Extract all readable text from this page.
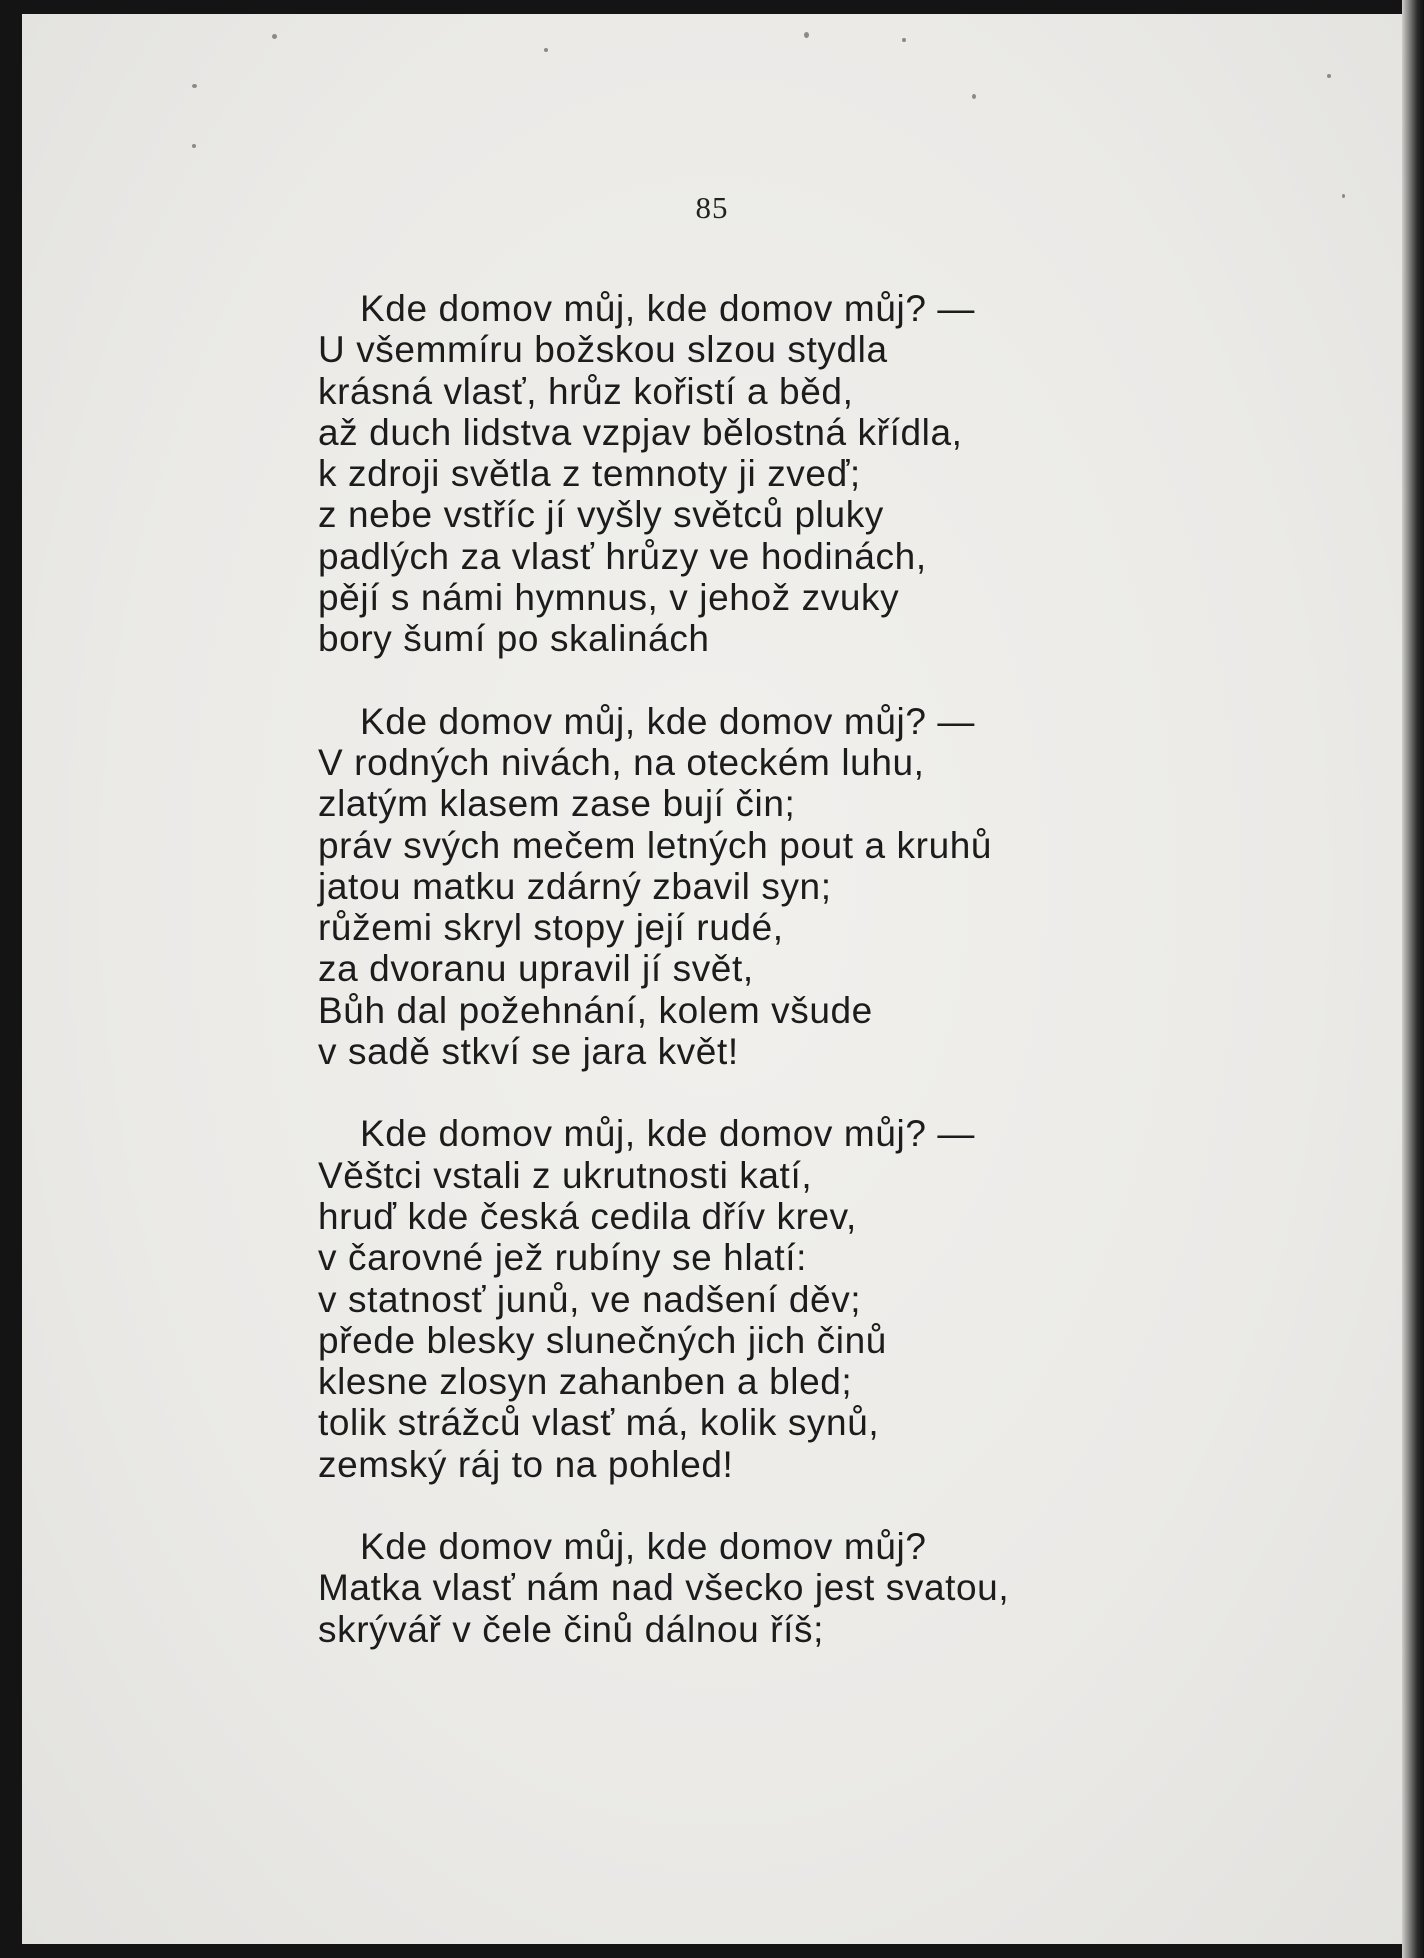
85
Kde domov můj, kde domov můj? —
U všemmíru božskou slzou stydla
krásná vlasť, hrůz kořistí a běd,
až duch lidstva vzpjav bělostná křídla,
k zdroji světla z temnoty ji zveď;
z nebe vstříc jí vyšly světců pluky
padlých za vlasť hrůzy ve hodinách,
pějí s námi hymnus, v jehož zvuky
bory šumí po skalinách
Kde domov můj, kde domov můj? —
V rodných nivách, na oteckém luhu,
zlatým klasem zase bují čin;
práv svých mečem letných pout a kruhů
jatou matku zdárný zbavil syn;
růžemi skryl stopy její rudé,
za dvoranu upravil jí svět,
Bůh dal požehnání, kolem všude
v sadě stkví se jara květ!
Kde domov můj, kde domov můj? —
Věštci vstali z ukrutnosti katí,
hruď kde česká cedila dřív krev,
v čarovné jež rubíny se hlatí:
v statnosť junů, ve nadšení děv;
přede blesky slunečných jich činů
klesne zlosyn zahanben a bled;
tolik strážců vlasť má, kolik synů,
zemský ráj to na pohled!
Kde domov můj, kde domov můj?
Matka vlasť nám nad všecko jest svatou,
skrývář v čele činů dálnou říš;
